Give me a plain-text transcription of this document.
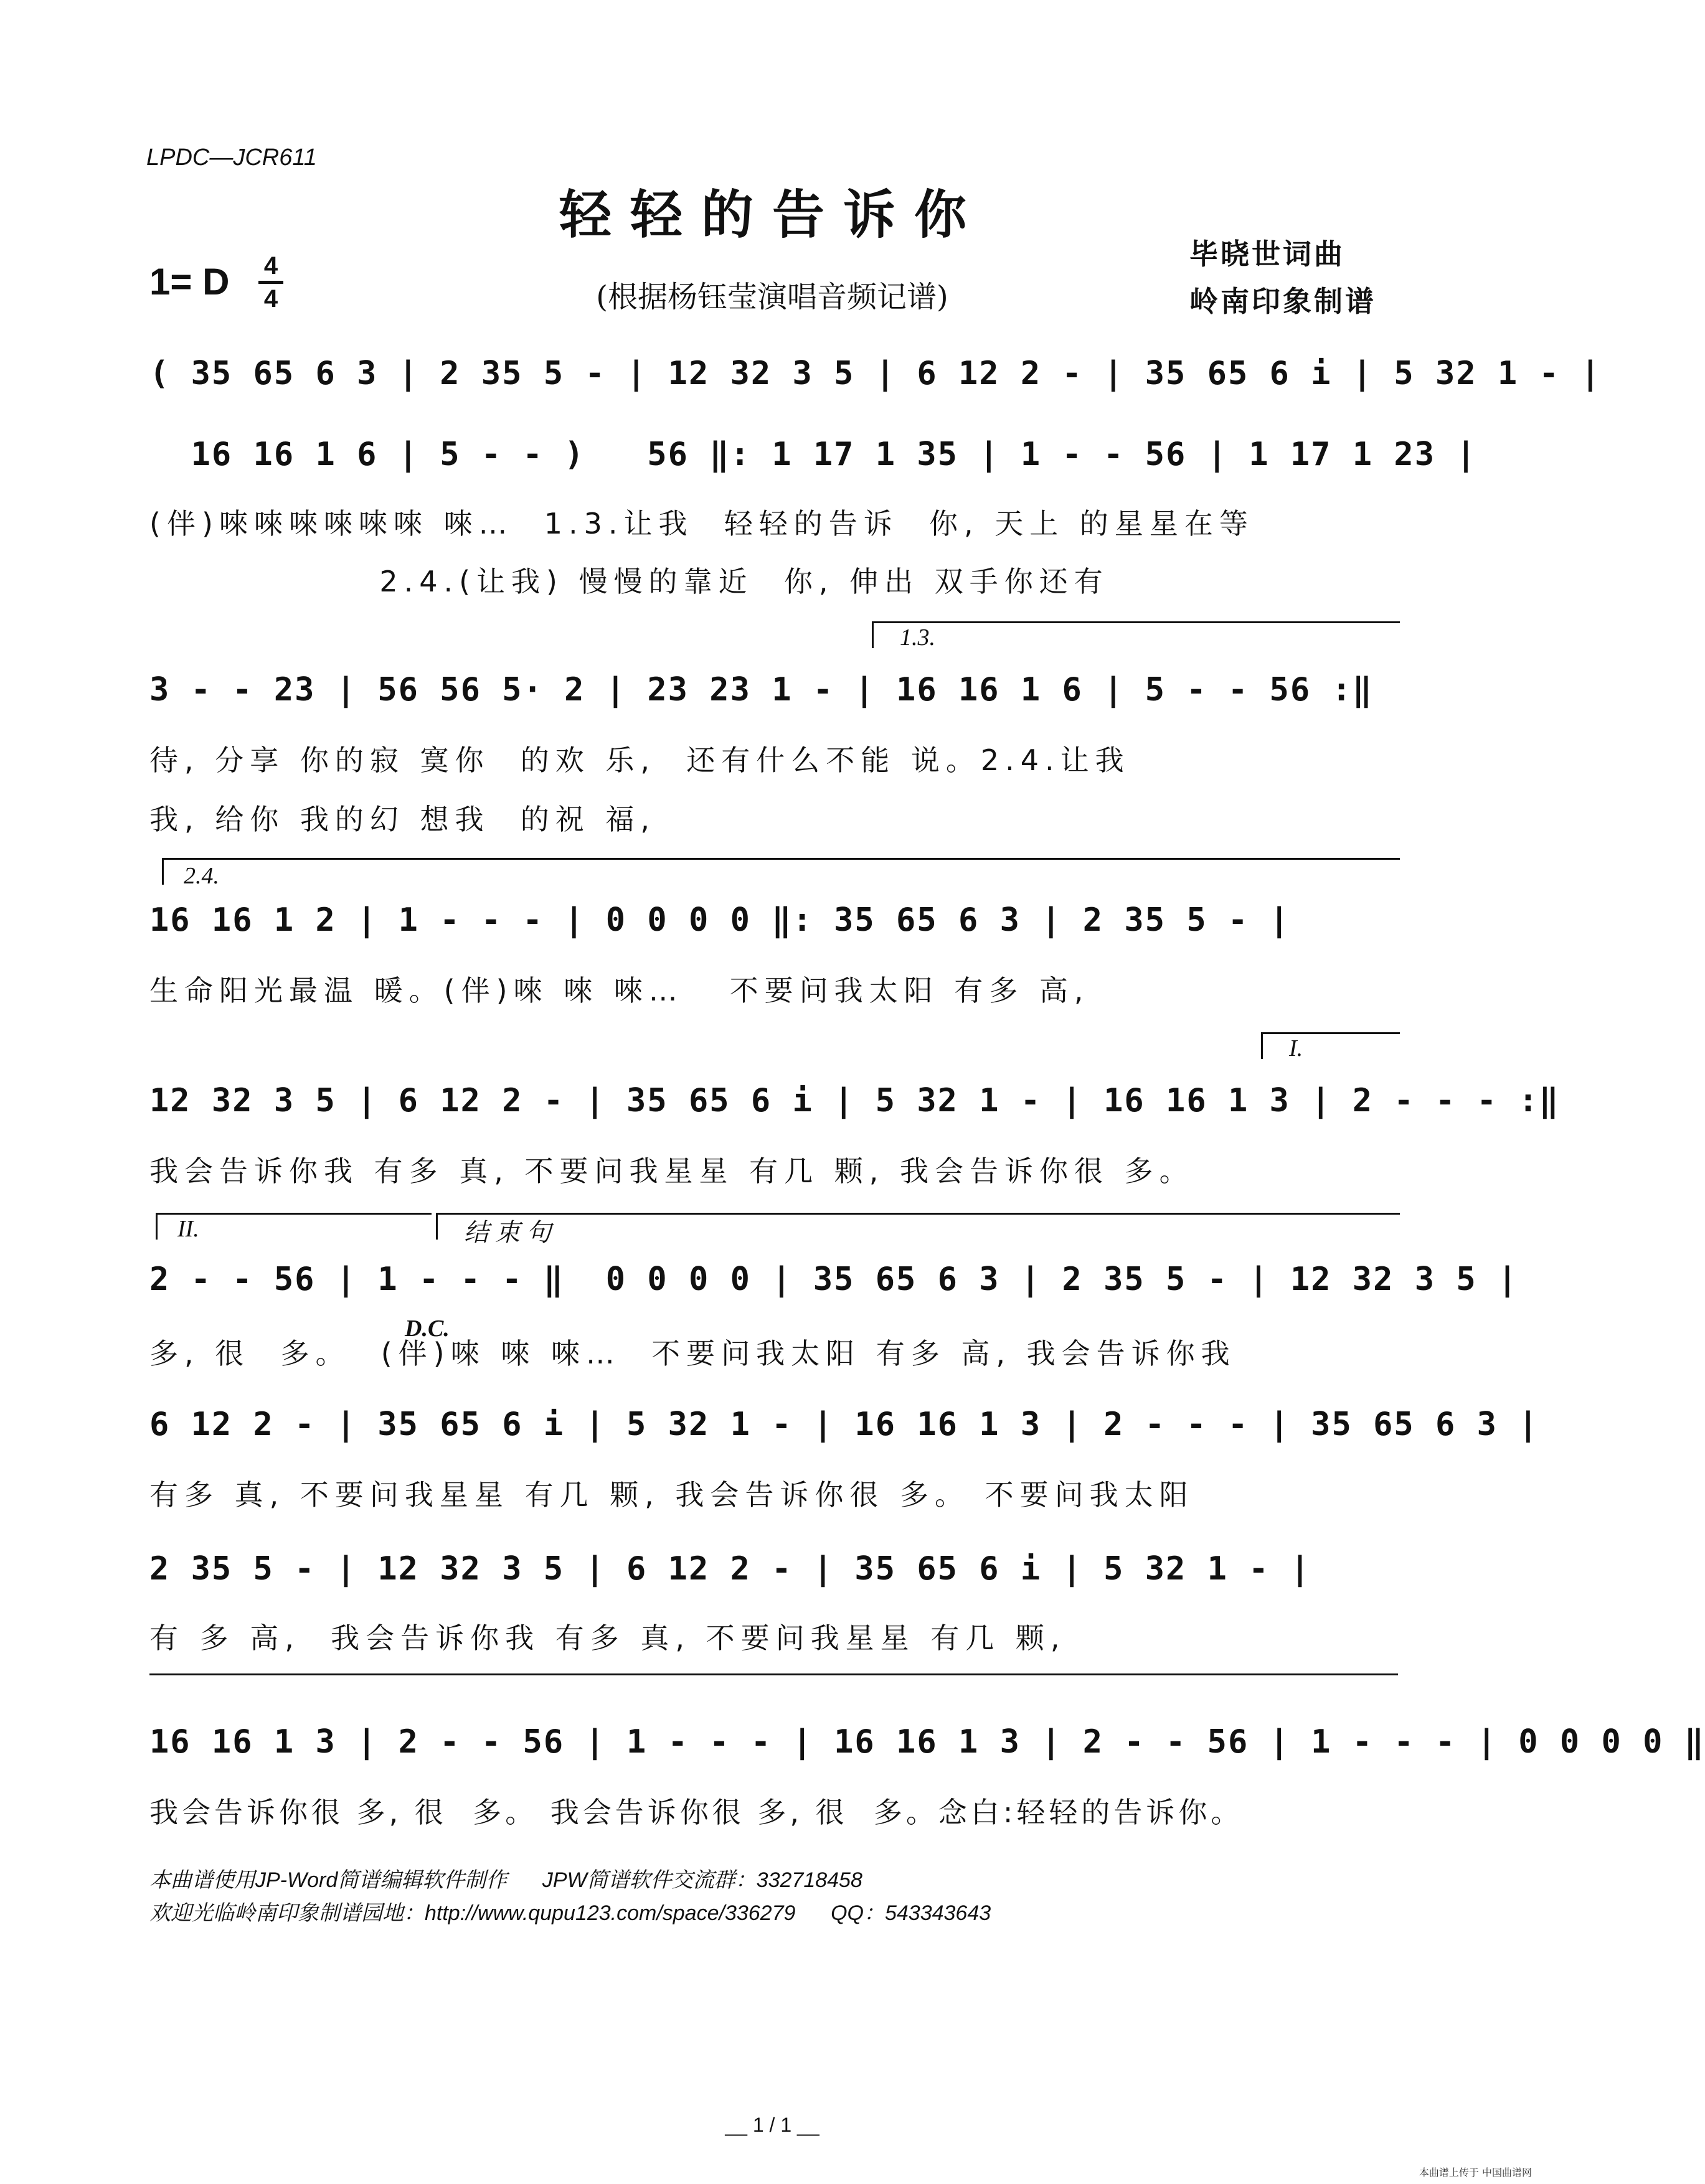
LPDC—JCR611
轻轻的告诉你
1= D 4
4	(根据杨钰莹演唱音频记谱)
毕晓世词曲
岭南印象制谱
( 35 65 6 3 | 2 35 5 - | 12 32 3 5 | 6 12 2 - | 35 65 6 i | 5 32 1 - |
16 16 1 6 | 5 - - )   56 ‖: 1 17 1 35 | 1 - - 56 | 1 17 1 23 |
(伴)唻唻唻唻唻唻 唻…  1.3.让我  轻轻的告诉  你, 天上 的星星在等
2.4.(让我) 慢慢的靠近  你, 伸出 双手你还有
1.3.
3 - - 23 | 56 56 5· 2 | 23 23 1 - | 16 16 1 6 | 5 - - 56 :‖
待, 分享 你的寂 寞你  的欢 乐,  还有什么不能 说。2.4.让我
我, 给你 我的幻 想我  的祝 福,
2.4.
16 16 1 2 | 1 - - - | 0 0 0 0 ‖: 35 65 6 3 | 2 35 5 - |
生命阳光最温 暖。(伴)唻 唻 唻…   不要问我太阳 有多 高,
I.
12 32 3 5 | 6 12 2 - | 35 65 6 i | 5 32 1 - | 16 16 1 3 | 2 - - - :‖
我会告诉你我 有多 真, 不要问我星星 有几 颗, 我会告诉你很 多。
II.	结束句
2 - - 56 | 1 - - - ‖  0 0 0 0 | 35 65 6 3 | 2 35 5 - | 12 32 3 5 |
D.C.
多, 很  多。  (伴)唻 唻 唻…  不要问我太阳 有多 高, 我会告诉你我
6 12 2 - | 35 65 6 i | 5 32 1 - | 16 16 1 3 | 2 - - - | 35 65 6 3 |
有多 真, 不要问我星星 有几 颗, 我会告诉你很 多。 不要问我太阳
2 35 5 - | 12 32 3 5 | 6 12 2 - | 35 65 6 i | 5 32 1 - |
有 多 高,  我会告诉你我 有多 真, 不要问我星星 有几 颗,
16 16 1 3 | 2 - - 56 | 1 - - - | 16 16 1 3 | 2 - - 56 | 1 - - - | 0 0 0 0 ‖
我会告诉你很 多, 很  多。 我会告诉你很 多, 很  多。念白:轻轻的告诉你。
本曲谱使用JP-Word简谱编辑软件制作      JPW简谱软件交流群：332718458
欢迎光临岭南印象制谱园地：http://www.qupu123.com/space/336279      QQ：543343643
__ 1 / 1 __
本曲谱上传于 中国曲谱网
